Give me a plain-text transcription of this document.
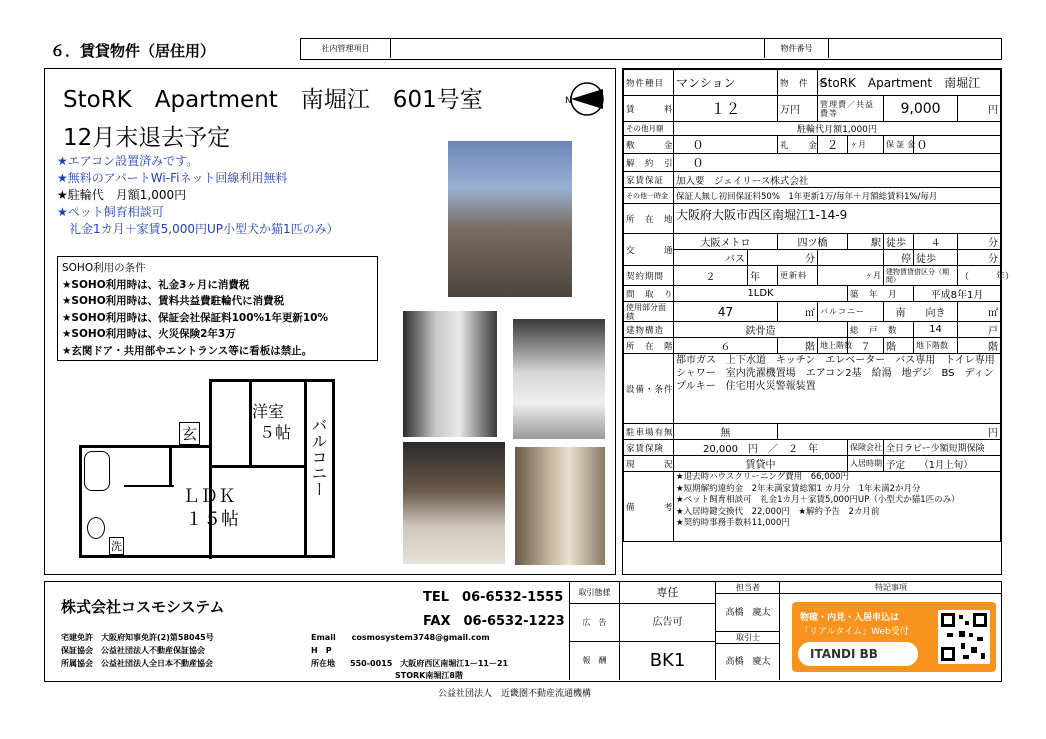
６．賃貸物件（居住用）	社内管理項目	物件番号
StoRK　Apartment　南堀江　601号室
12月末退去予定
N
★エアコン設置済みです。
★無料のアパートWi-Fiネット回線利用無料
★駐輪代　月額1,000円
★ペット飼育相談可
　礼金1カ月＋家賃5,000円UP小型犬か猫1匹のみ）
SOHO利用の条件
★SOHO利用時は、礼金3ヶ月に消費税
★SOHO利用時は、賃料共益費駐輪代に消費税
★SOHO利用時は、保証会社保証料100%1年更新10%
★SOHO利用時は、火災保険2年3万
★玄関ドア・共用部やエントランス等に看板は禁止。
洋室
５帖
玄	バルコニー
ＬＤＫ
１５帖
洗
物件種目	マンション		物　件　名	StoRK　Apartment　南堀江				
賃　　　料	１２		万円	管理費／共益費等		9,000		円
その他月額	駐輪代月額1,000円							
敷　　　金	０		礼　　金	２	ヶ月	保 証 金	０	
解　約　引	０							
家賃保証	加入要　ジェイリース株式会社							
その他一時金	保証人無し初回保証料50%　1年更新1万/毎年＋月額総賃料1%/毎月							
所　在　地	大阪府大阪市西区南堀江1-14-9							
交　　　通	大阪メトロ		四ツ橋		駅	徒歩	４	分
	バス	分				停	徒歩	分
契約期間	２	年	更新料	ヶ月		建物賃貸借区分（期間）		（　　　年）
間　取　り	1LDK				築　年　月		平成8年1月	
使用部分面積	47		㎡	バルコニー		南　　向き		㎡
建物構造	鉄骨造				総　戸　数		14	戸
所　在　階	６		階	地上階数	７	階	地下階数	階
設備・条件	都市ガス　上下水道　キッチン　エレベーター　バス専用　トイレ専用　シャワー　室内洗濯機置場　エアコン2基　給湯　地デジ　BS　ディンプルキー　住宅用火災警報装置							
駐車場有無	無		円					
家賃保険	20,000　円　／　２　年				保険会社	全日ラビー少額短期保険		
現　　　況	賃貸中				入居時期	予定　　（1月上旬）		
備　　　考	★退去時ハウスクリーニング費用　66,000円
★短期解約違約金　2年未満家賃総額1 カ月分　1年未満2か月分
★ペット飼育相談可　礼金1カ月＋家賃5,000円UP（小型犬か猫1匹のみ）
★入居時鍵交換代　22,000円　★解約予告　2カ月前
★契約時事務手数料11,000円							
株式会社コスモシステム
TEL　06-6532-1555
FAX　06-6532-1223
宅建免許　大阪府知事免許(2)第58045号
保証協会　公益社団法人不動産保証協会
所属協会　公益社団法人全日本不動産協会
Email　　cosmosystem3748@gmail.com
H　P
所在地 550-0015　大阪府西区南堀江1ー11ー21
STORK南堀江8階
取引態様	専任
広　告	広告可
報　酬	BK1
担当者
高橋　慶太
取引士
高橋　慶太
特記事項
物確・内見・入居申込は
「リアルタイム」Web受付
ITANDI BB
公益社団法人　近畿圏不動産流通機構
